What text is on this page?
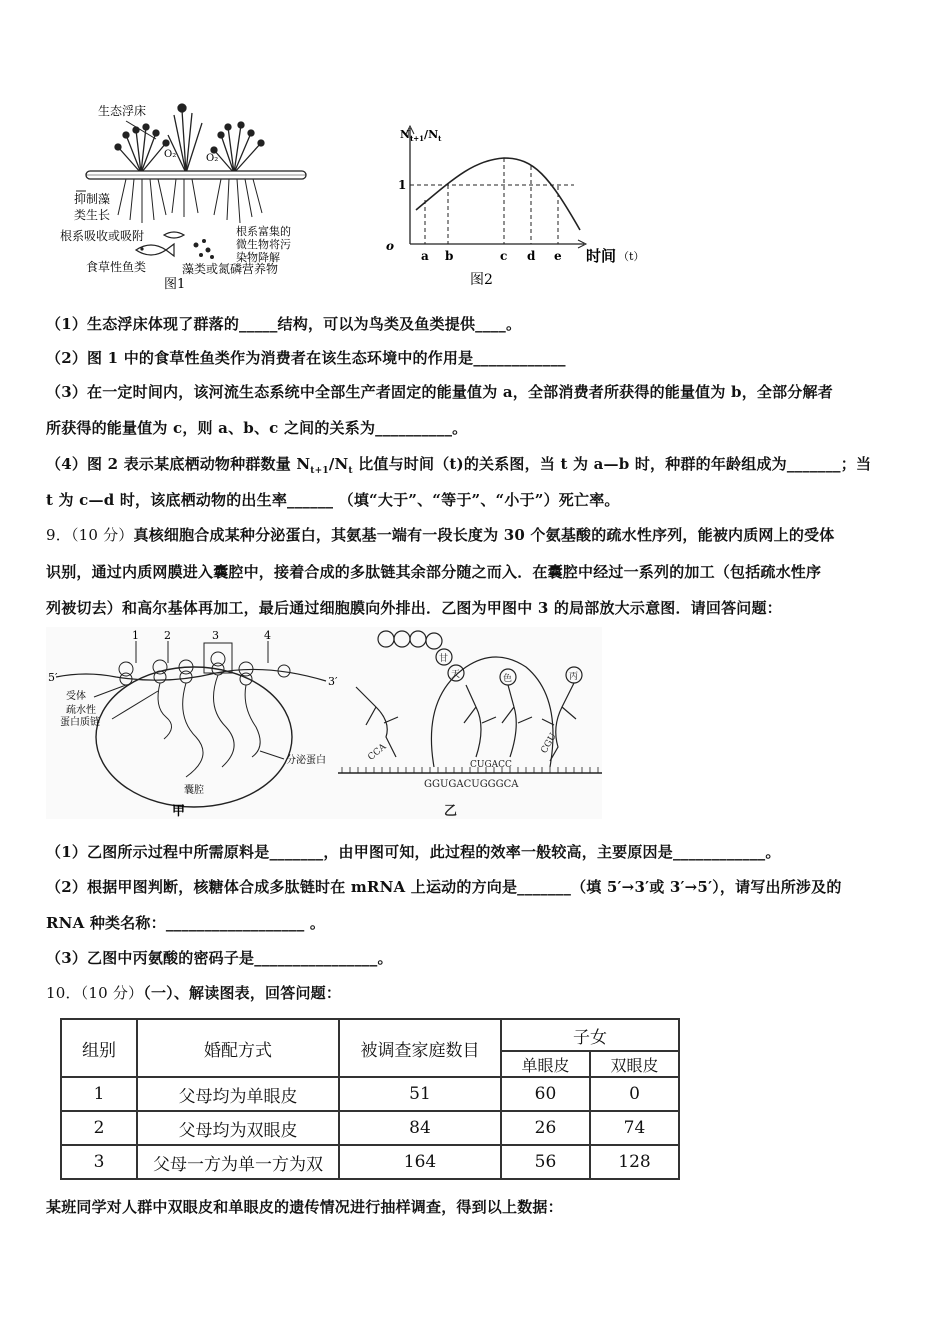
生态浮床
O₂	O₂
抑制藻
类生长
根系吸收或吸附	根系富集的
微生物将污
染物降解
食草性鱼类	藻类或氮磷营养物
图1
$N_{t+1}/N_t$
1
o
a b	c d e 时间 （t）
图2
（1）生态浮床体现了群落的_____结构，可以为鸟类及鱼类提供____。
（2）图 1 中的食草性鱼类作为消费者在该生态环境中的作用是____________
（3）在一定时间内，该河流生态系统中全部生产者固定的能量值为 a，全部消费者所获得的能量值为 b，全部分解者
所获得的能量值为 c，则 a、b、c 之间的关系为__________。
（4）图 2 表示某底栖动物种群数量 $N_{t+1}/N_t$ 比值与时间（t)的关系图，当 t 为 a—b 时，种群的年龄组成为_______；当
t 为 c—d 时，该底栖动物的出生率______ （填“大于”、“等于”、“小于”）死亡率。
9．（10 分）真核细胞合成某种分泌蛋白，其氨基一端有一段长度为 30 个氨基酸的疏水性序列，能被内质网上的受体
识别，通过内质网膜进入囊腔中，接着合成的多肽链其余部分随之而入．在囊腔中经过一系列的加工（包括疏水性序
列被切去）和高尔基体再加工，最后通过细胞膜向外排出．乙图为甲图中 3 的局部放大示意图．请回答问题：
1 2	3	4
5′	3′
受体
疏水性
蛋白质链
分泌蛋白
囊腔
甲
甘
天	色	丙
CCA
CUGACC
CGU
GGUGACUGGGCA
乙
（1）乙图所示过程中所需原料是_______，由甲图可知，此过程的效率一般较高，主要原因是____________。
（2）根据甲图判断，核糖体合成多肽链时在 mRNA 上运动的方向是_______（填 5′→3′或 3′→5′），请写出所涉及的
RNA 种类名称：__________________ 。
（3）乙图中丙氨酸的密码子是________________。
10．（10 分）（一）、解读图表，回答问题：
组别	婚配方式	被调查家庭数目	子女	
			单眼皮	双眼皮
1	父母均为单眼皮	51	60	0
2	父母均为双眼皮	84	26	74
3	父母一方为单一方为双	164	56	128
某班同学对人群中双眼皮和单眼皮的遗传情况进行抽样调查，得到以上数据：
